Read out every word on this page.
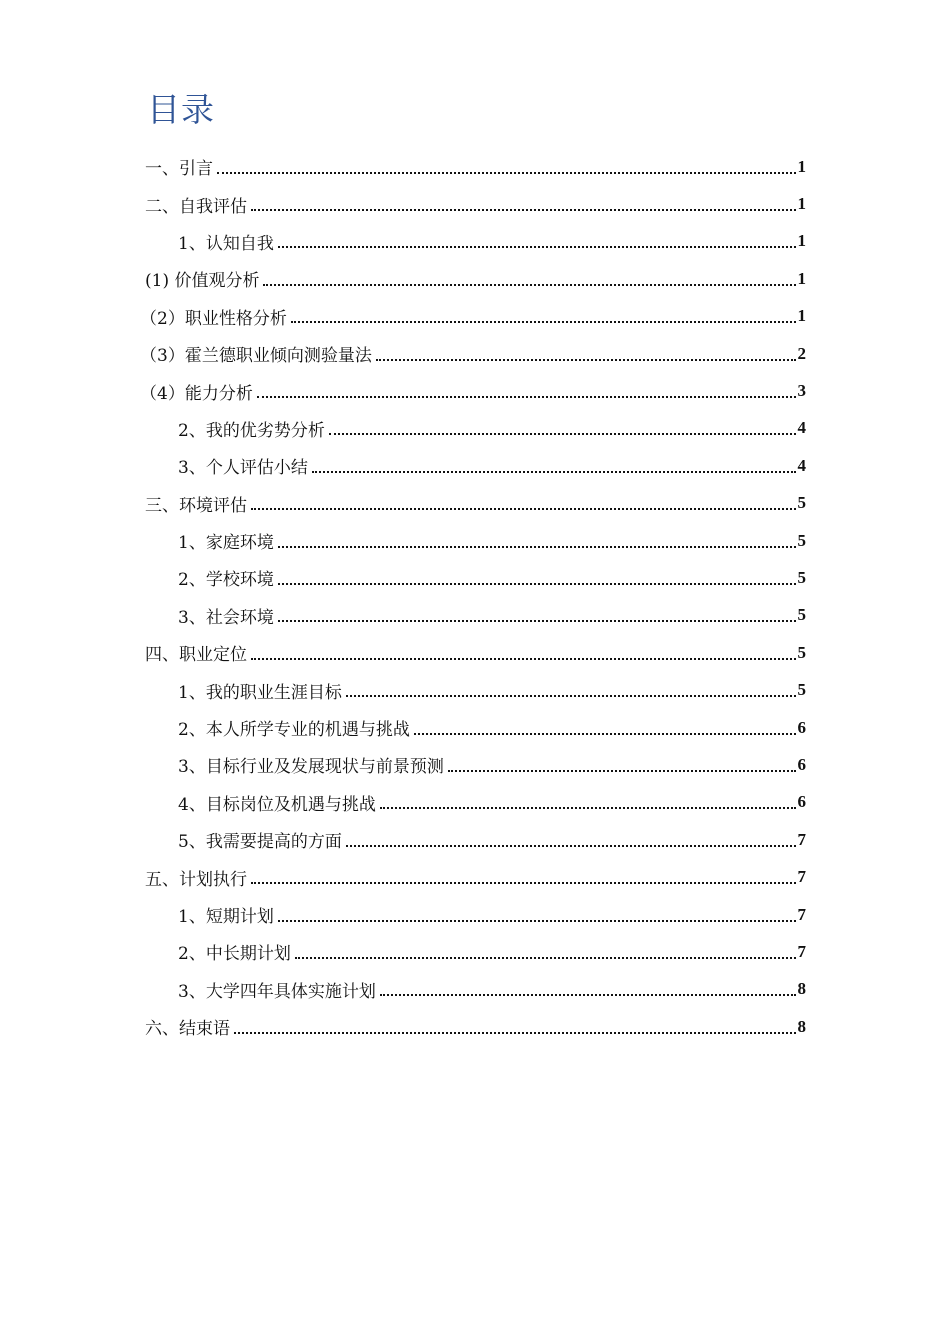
目录
一、引言	1
二、自我评估	1
1、认知自我	1
(1) 价值观分析	1
（2）职业性格分析	1
（3）霍兰德职业倾向测验量法	2
（4）能力分析	3
2、我的优劣势分析	4
3、个人评估小结	4
三、环境评估	5
1、家庭环境	5
2、学校环境	5
3、社会环境	5
四、职业定位	5
1、我的职业生涯目标	5
2、本人所学专业的机遇与挑战	6
3、目标行业及发展现状与前景预测	6
4、目标岗位及机遇与挑战	6
5、我需要提高的方面	7
五、计划执行	7
1、短期计划	7
2、中长期计划	7
3、大学四年具体实施计划	8
六、结束语	8
